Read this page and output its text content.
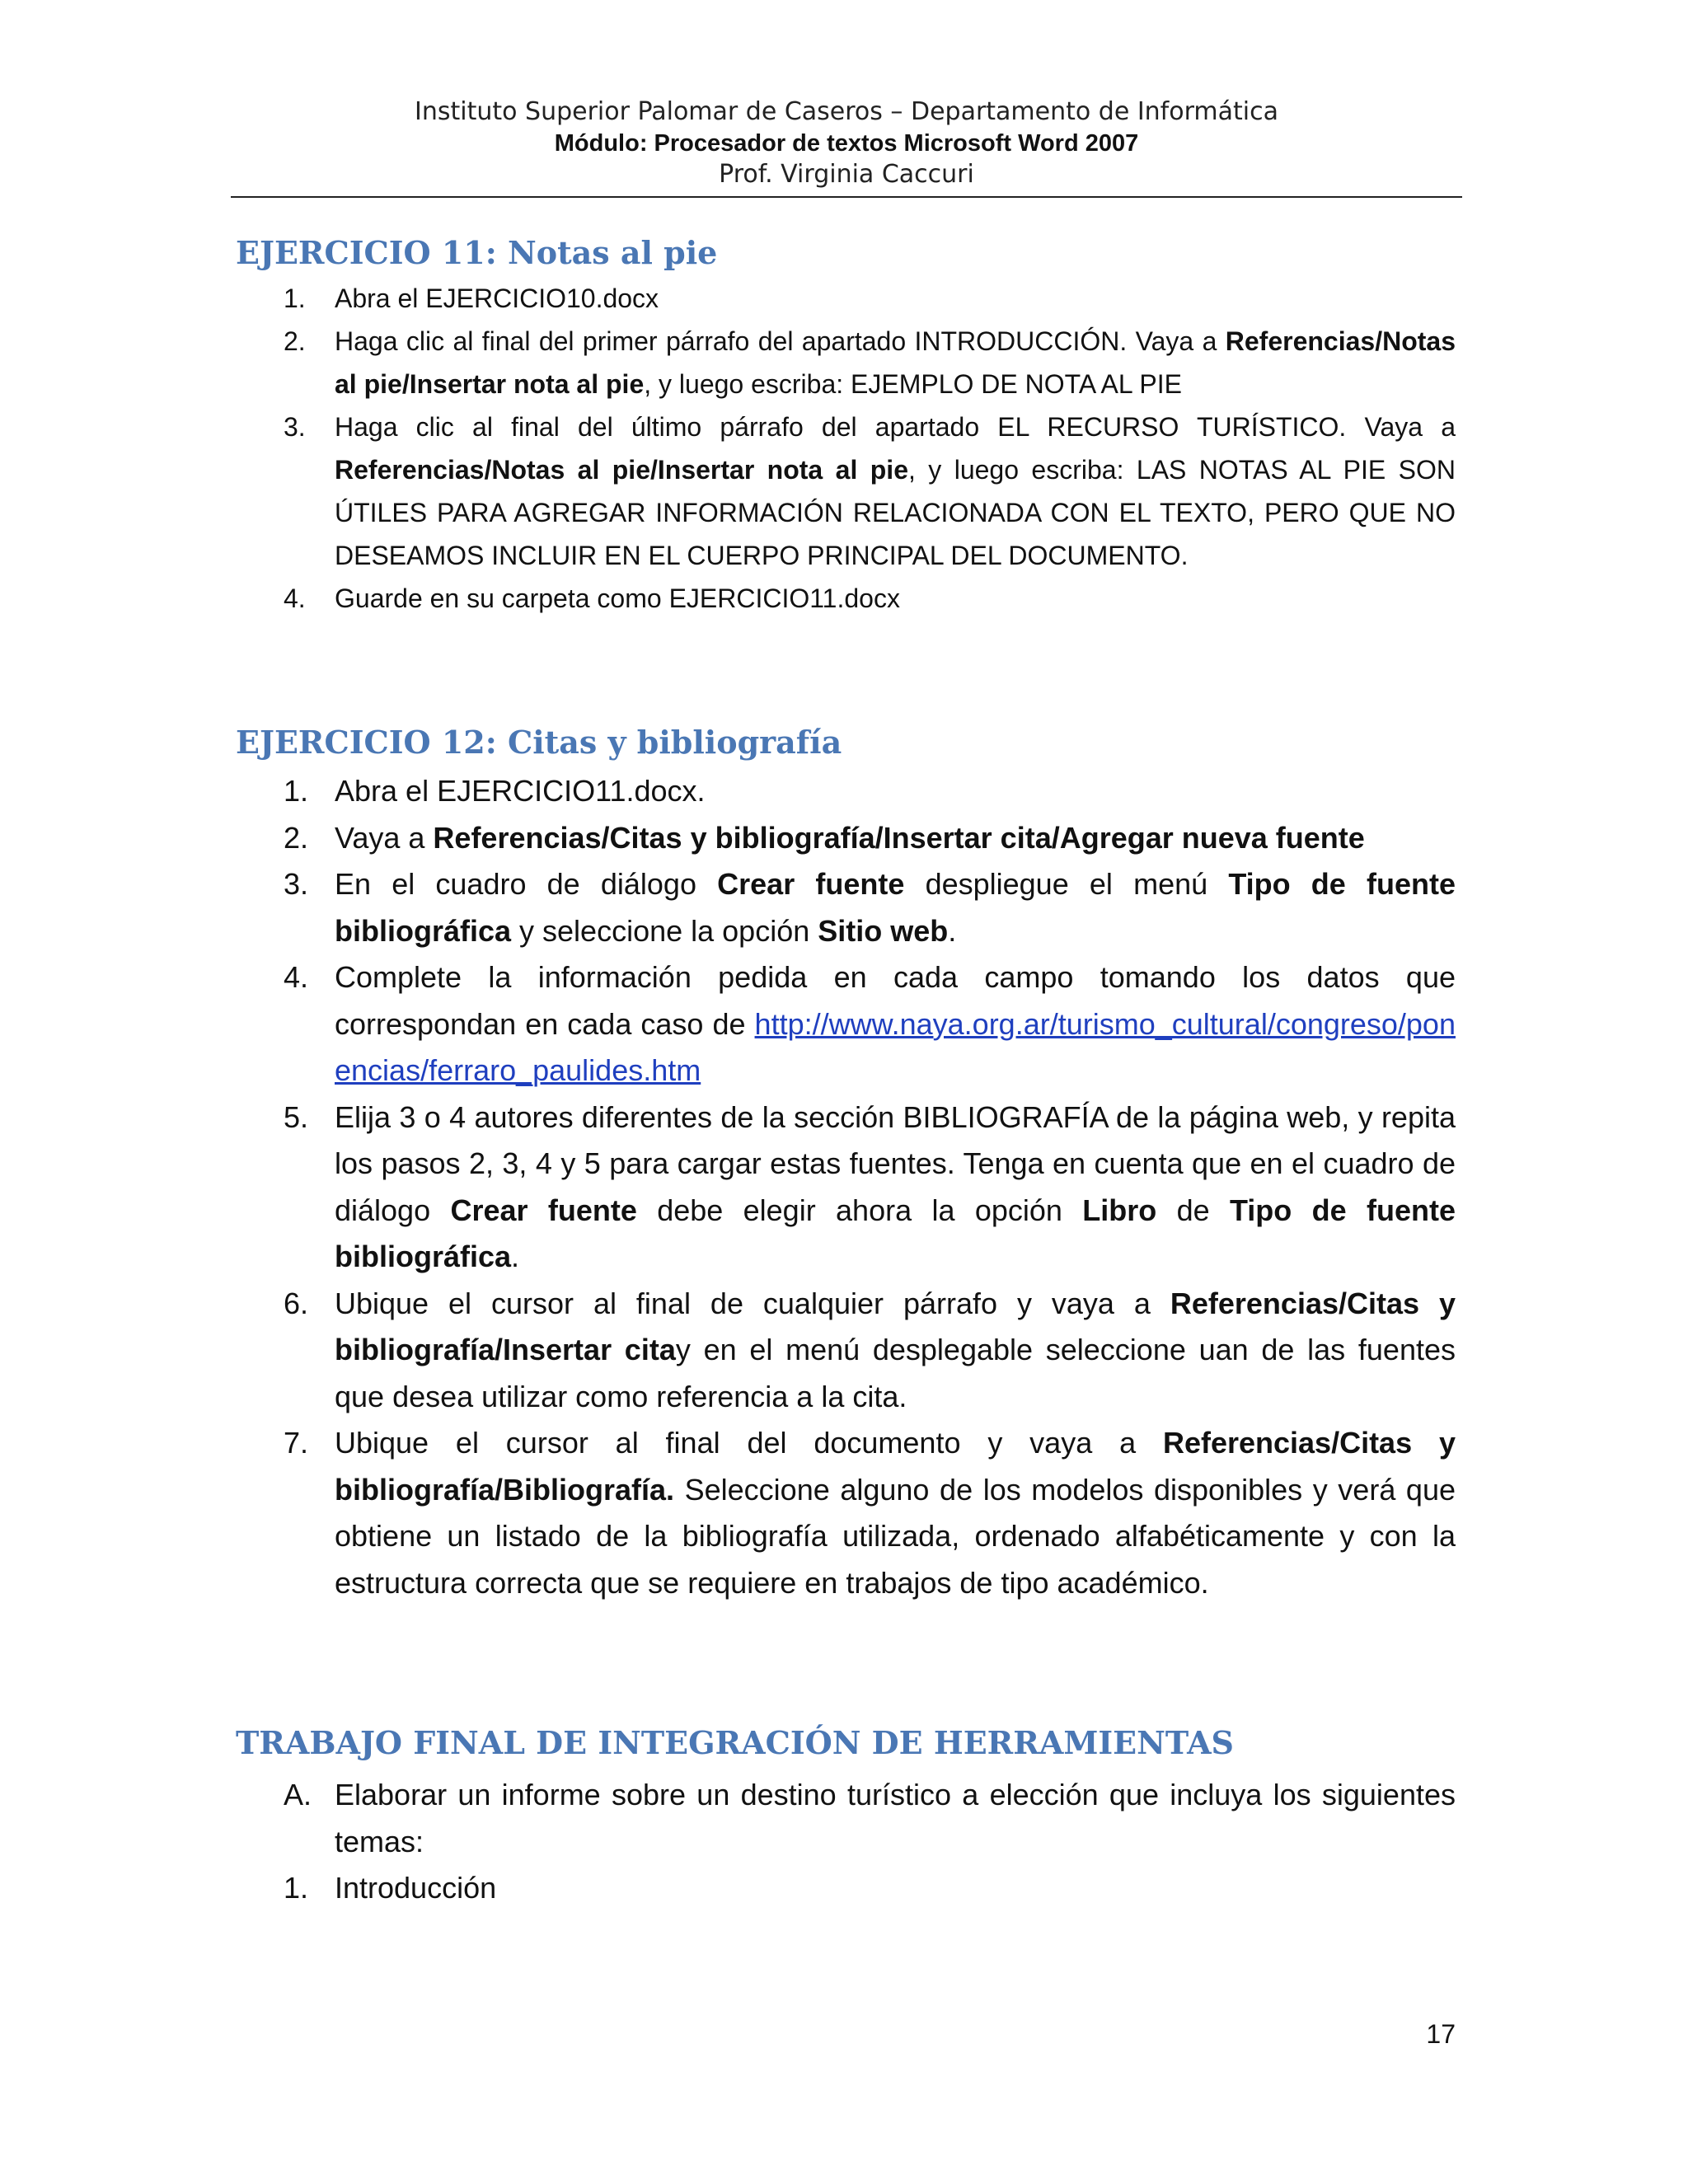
Instituto Superior Palomar de Caseros – Departamento de Informática
Módulo: Procesador de textos Microsoft Word 2007
Prof. Virginia Caccuri
EJERCICIO 11: Notas al pie
1. Abra el EJERCICIO10.docx
2. Haga clic al final del primer párrafo del apartado INTRODUCCIÓN. Vaya a Referencias/Notas al pie/Insertar nota al pie, y luego escriba: EJEMPLO DE NOTA AL PIE
3. Haga clic al final del último párrafo del apartado EL RECURSO TURÍSTICO. Vaya a Referencias/Notas al pie/Insertar nota al pie, y luego escriba: LAS NOTAS AL PIE SON ÚTILES PARA AGREGAR INFORMACIÓN RELACIONADA CON EL TEXTO, PERO QUE NO DESEAMOS INCLUIR EN EL CUERPO PRINCIPAL DEL DOCUMENTO.
4. Guarde en su carpeta como EJERCICIO11.docx
EJERCICIO 12: Citas y bibliografía
1. Abra el EJERCICIO11.docx.
2. Vaya a Referencias/Citas y bibliografía/Insertar cita/Agregar nueva fuente
3. En el cuadro de diálogo Crear fuente despliegue el menú Tipo de fuente bibliográfica y seleccione la opción Sitio web.
4. Complete la información pedida en cada campo tomando los datos que correspondan en cada caso de http://www.naya.org.ar/turismo_cultural/congreso/ponencias/ferraro_paulides.htm
5. Elija 3 o 4 autores diferentes de la sección BIBLIOGRAFÍA de la página web, y repita los pasos 2, 3, 4 y 5 para cargar estas fuentes. Tenga en cuenta que en el cuadro de diálogo Crear fuente debe elegir ahora la opción Libro de Tipo de fuente bibliográfica.
6. Ubique el cursor al final de cualquier párrafo y vaya a Referencias/Citas y bibliografía/Insertar citay en el menú desplegable seleccione uan de las fuentes que desea utilizar como referencia a la cita.
7. Ubique el cursor al final del documento y vaya a Referencias/Citas y bibliografía/Bibliografía. Seleccione alguno de los modelos disponibles y verá que obtiene un listado de la bibliografía utilizada, ordenado alfabéticamente y con la estructura correcta que se requiere en trabajos de tipo académico.
TRABAJO FINAL DE INTEGRACIÓN DE HERRAMIENTAS
A. Elaborar un informe sobre un destino turístico a elección que incluya los siguientes temas:
1. Introducción
17
